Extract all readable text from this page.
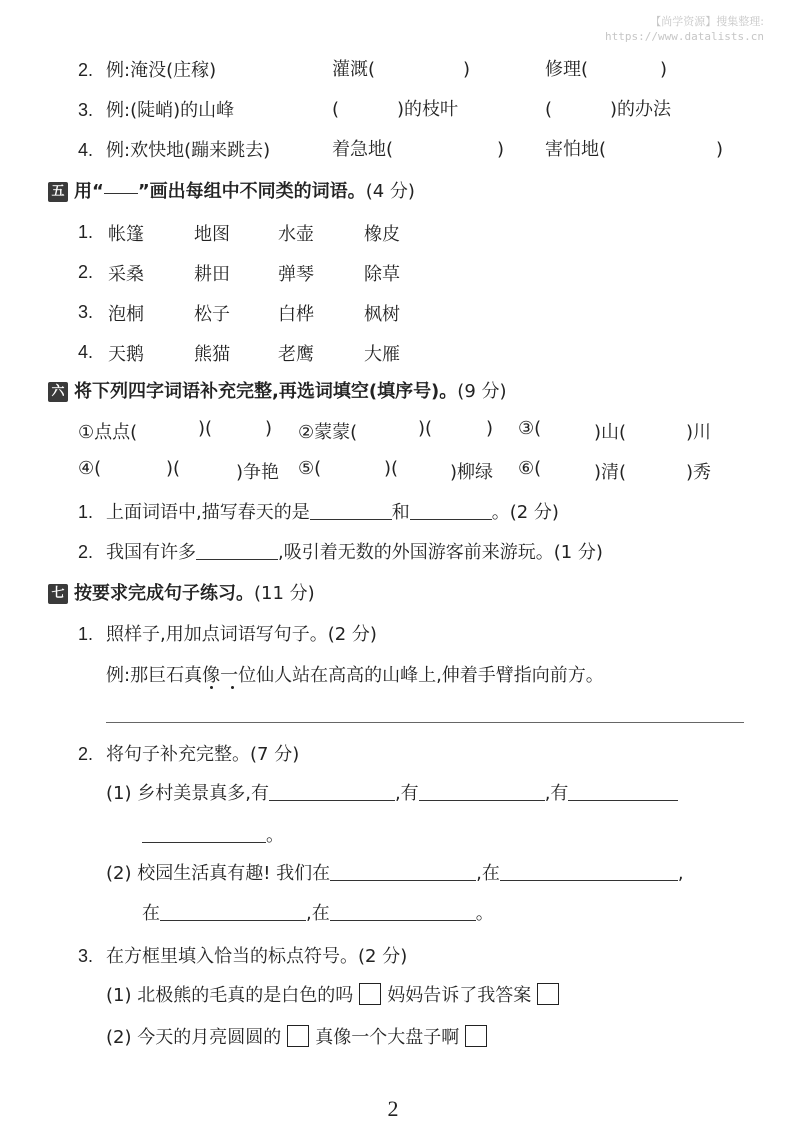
【尚学资源】搜集整理:
https://www.datalists.cn
2. 例:淹没(庄稼)	灌溉(	)	修理(	)
3. 例:(陡峭)的山峰	(	)的枝叶	(	)的办法
4. 例:欢快地(蹦来跳去)	着急地(	) 害怕地(	)
五 用“ ”画出每组中不同类的词语。(4 分)
1. 帐篷	地图	水壶	橡皮
2. 采桑	耕田	弹琴	除草
3. 泡桐	松子	白桦	枫树
4. 天鹅	熊猫	老鹰	大雁
六 将下列四字词语补充完整,再选词填空(填序号)。(9 分)
①点点(	)(	) ②蒙蒙(	)(	) ③(	)山(	)川
④(	)(	)争艳 ⑤(	)(	)柳绿 ⑥(	)清(	)秀
1. 上面词语中,描写春天的是	和	。(2 分)
2. 我国有许多	,吸引着无数的外国游客前来游玩。(1 分)
七 按要求完成句子练习。(11 分)
1. 照样子,用加点词语写句子。(2 分)
例:那巨石真像一位仙人站在高高的山峰上,伸着手臂指向前方。
2. 将句子补充完整。(7 分)
(1) 乡村美景真多,有	,有	,有
。
(2) 校园生活真有趣! 我们在	,在	,
在	,在	。
3. 在方框里填入恰当的标点符号。(2 分)
(1) 北极熊的毛真的是白色的吗 妈妈告诉了我答案
(2) 今天的月亮圆圆的 真像一个大盘子啊
2
